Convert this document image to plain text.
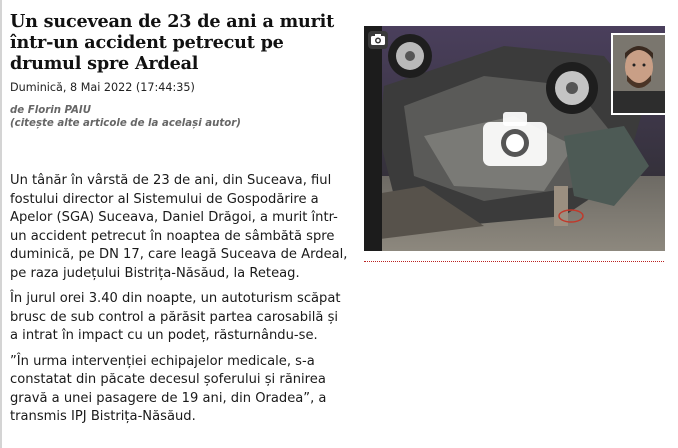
Un sucevean de 23 de ani a murit într-un accident petrecut pe drumul spre Ardeal
Duminică, 8 Mai 2022 (17:44:35)
de Florin PAIU
(citește alte articole de la același autor)

Un tânăr în vârstă de 23 de ani, din Suceava, fiul fostului director al Sistemului de Gospodărire a Apelor (SGA) Suceava, Daniel Drăgoi, a murit într-un accident petrecut în noaptea de sâmbătă spre duminică, pe DN 17, care leagă Suceava de Ardeal, pe raza județului Bistrița-Năsăud, la Reteag.

În jurul orei 3.40 din noapte, un autoturism scăpat brusc de sub control a părăsit partea carosabilă și a intrat în impact cu un podeț, răsturnându-se.

”În urma intervenției echipajelor medicale, s-a constatat din păcate decesul șoferului și rănirea gravă a unei pasagere de 19 ani, din Oradea”, a transmis IPJ Bistrița-Năsăud.
